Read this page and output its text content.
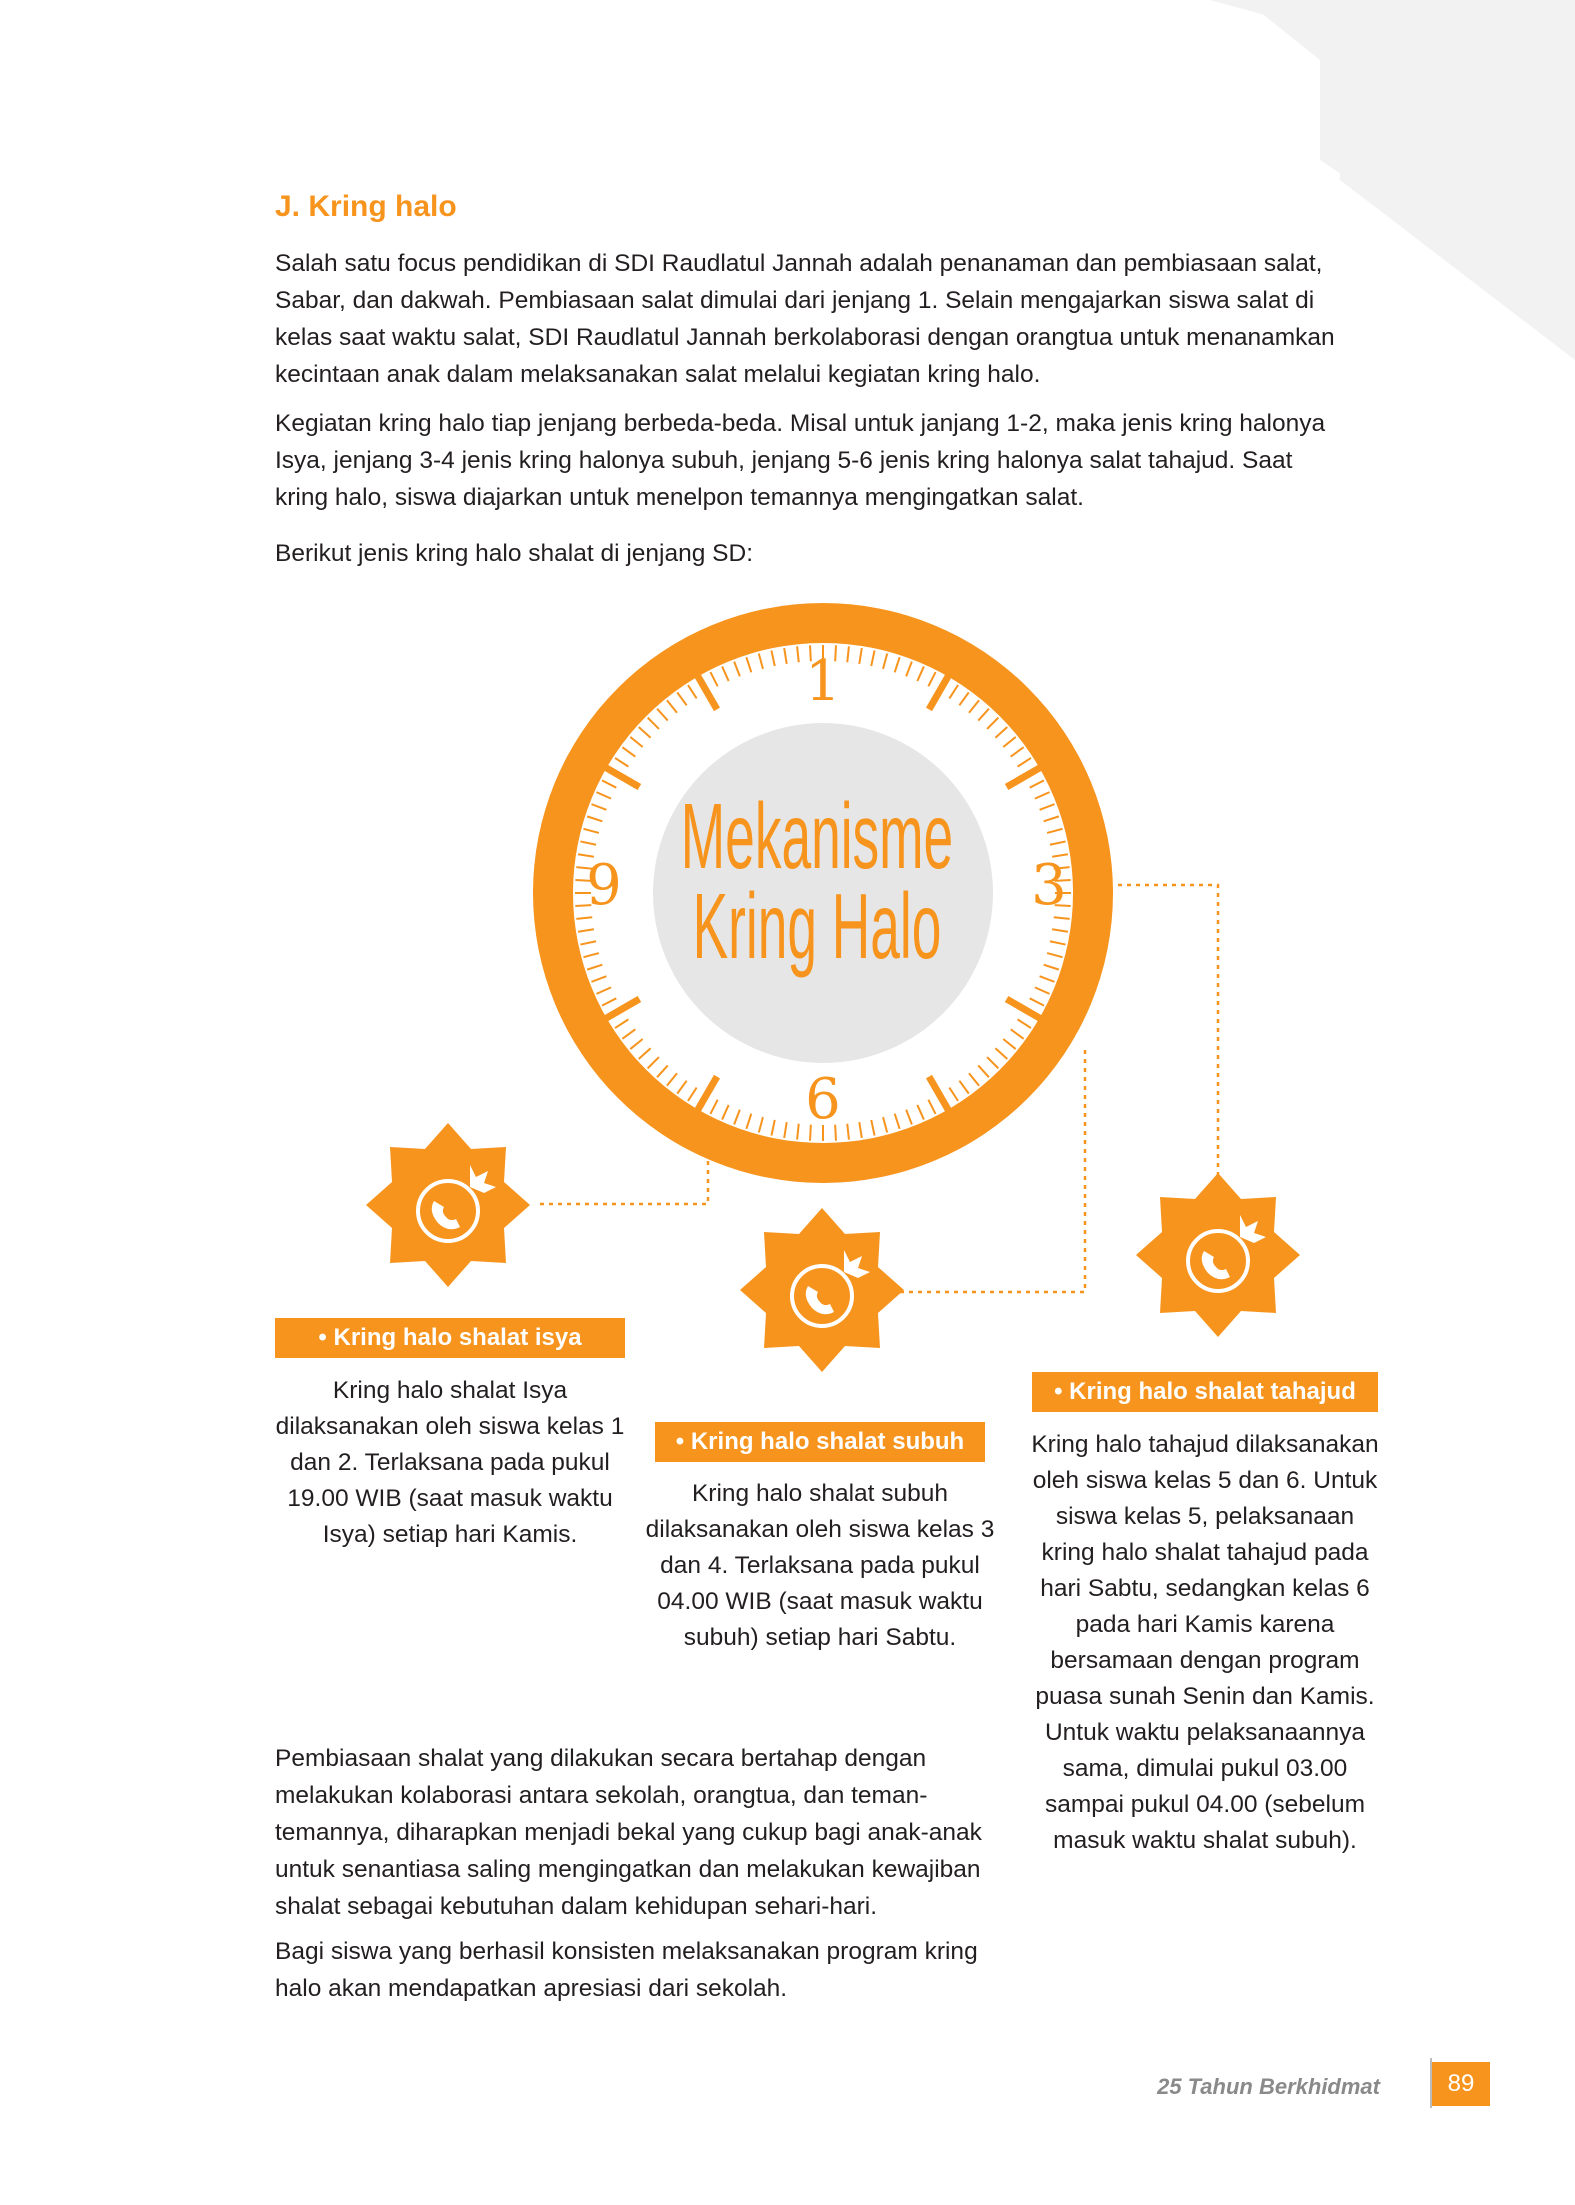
J. Kring halo

Salah satu focus pendidikan di SDI Raudlatul Jannah adalah penanaman dan pembiasaan salat, Sabar, dan dakwah. Pembiasaan salat dimulai dari jenjang 1. Selain mengajarkan siswa salat di kelas saat waktu salat, SDI Raudlatul Jannah berkolaborasi dengan orangtua untuk menanamkan kecintaan anak dalam melaksanakan salat melalui kegiatan kring halo.

Kegiatan kring halo tiap jenjang berbeda-beda. Misal untuk janjang 1-2, maka jenis kring halonya Isya, jenjang 3-4 jenis kring halonya subuh, jenjang 5-6 jenis kring halonya salat tahajud. Saat kring halo, siswa diajarkan untuk menelpon temannya mengingatkan salat.

Berikut jenis kring halo shalat di jenjang SD:

1
3
6
9 Mekanisme
Kring Halo
• Kring halo shalat isya

Kring halo shalat Isya dilaksanakan oleh siswa kelas 1 dan 2. Terlaksana pada pukul 19.00 WIB (saat masuk waktu Isya) setiap hari Kamis.

• Kring halo shalat subuh

Kring halo shalat subuh dilaksanakan oleh siswa kelas 3 dan 4. Terlaksana pada pukul 04.00 WIB (saat masuk waktu subuh) setiap hari Sabtu.

• Kring halo shalat tahajud

Kring halo tahajud dilaksanakan oleh siswa kelas 5 dan 6. Untuk siswa kelas 5, pelaksanaan kring halo shalat tahajud pada hari Sabtu, sedangkan kelas 6 pada hari Kamis karena bersamaan dengan program puasa sunah Senin dan Kamis. Untuk waktu pelaksanaannya sama, dimulai pukul 03.00 sampai pukul 04.00 (sebelum masuk waktu shalat subuh).

Pembiasaan shalat yang dilakukan secara bertahap dengan melakukan kolaborasi antara sekolah, orangtua, dan teman-temannya, diharapkan menjadi bekal yang cukup bagi anak-anak untuk senantiasa saling mengingatkan dan melakukan kewajiban shalat sebagai kebutuhan dalam kehidupan sehari-hari.

Bagi siswa yang berhasil konsisten melaksanakan program kring halo akan mendapatkan apresiasi dari sekolah.

25 Tahun Berkhidmat	89
